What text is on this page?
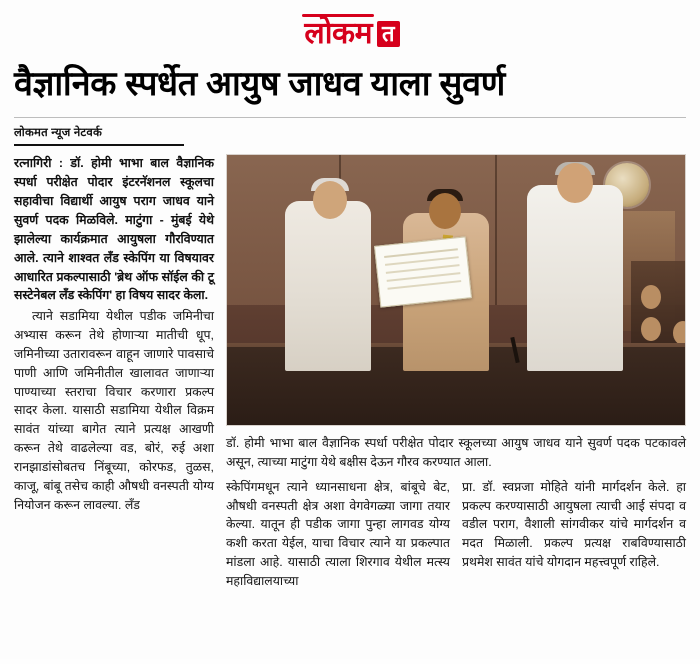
लोकम त
वैज्ञानिक स्पर्धेत आयुष जाधव याला सुवर्ण
लोकमत न्यूज नेटवर्क

रत्नागिरी : डॉ. होमी भाभा बाल वैज्ञानिक स्पर्धा परीक्षेत पोदार इंटरनॅशनल स्कूलचा सहावीचा विद्यार्थी आयुष पराग जाधव याने सुवर्ण पदक मिळविले. माटुंगा - मुंबई येथे झालेल्या कार्यक्रमात आयुषला गौरविण्यात आले. त्याने शाश्वत लँड स्केपिंग या विषयावर आधारित प्रकल्पासाठी 'ब्रेथ ऑफ सॉईल की टू सस्टेनेबल लँड स्केपिंग' हा विषय सादर केला.

त्याने सडामिया येथील पडीक जमिनीचा अभ्यास करून तेथे होणाऱ्या मातीची धूप, जमिनीच्या उतारावरून वाहून जाणारे पावसाचे पाणी आणि जमिनीतील खालावत जाणाऱ्या पाण्याच्या स्तराचा विचार करणारा प्रकल्प सादर केला. यासाठी सडामिया येथील विक्रम सावंत यांच्या बागेत त्याने प्रत्यक्ष आखणी करून तेथे वाढलेल्या वड, बोरं, रुई अशा रानझाडांसोबतच निंबूच्या, कोरफड, तुळस, काजू, बांबू तसेच काही औषधी वनस्पती योग्य नियोजन करून लावल्या. लँड

डॉ. होमी भाभा बाल वैज्ञानिक स्पर्धा परीक्षेत पोदार स्कूलच्या आयुष जाधव याने सुवर्ण पदक पटकावले असून, त्याच्या माटुंगा येथे बक्षीस देऊन गौरव करण्यात आला.

स्केपिंगमधून त्याने ध्यानसाधना क्षेत्र, बांबूचे बेट, औषधी वनस्पती क्षेत्र अशा वेगवेगळ्या जागा तयार केल्या. यातून ही पडीक जागा पुन्हा लागवड योग्य कशी करता येईल, याचा विचार त्याने या प्रकल्पात मांडला आहे. यासाठी त्याला शिरगाव येथील मत्स्य महाविद्यालयाच्या

प्रा. डॉ. स्वप्नजा मोहिते यांनी मार्गदर्शन केले. हा प्रकल्प करण्यासाठी आयुषला त्याची आई संपदा व वडील पराग, वैशाली सांगवीकर यांचे मार्गदर्शन व मदत मिळाली. प्रकल्प प्रत्यक्ष राबविण्यासाठी प्रथमेश सावंत यांचे योगदान महत्त्वपूर्ण राहिले.
